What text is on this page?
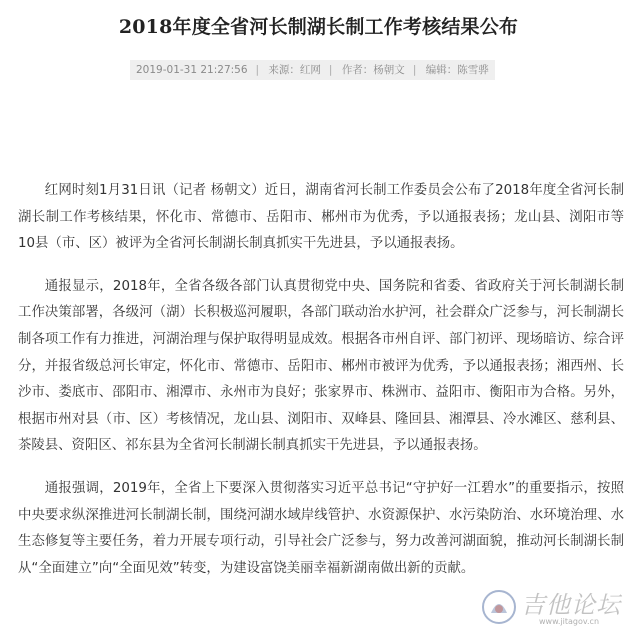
2018年度全省河长制湖长制工作考核结果公布
2019-01-31 21:27:56 | 来源：红网 | 作者：杨朝文 | 编辑：陈雪骅

红网时刻1月31日讯（记者 杨朝文）近日，湖南省河长制工作委员会公布了2018年度全省河长制湖长制工作考核结果，怀化市、常德市、岳阳市、郴州市为优秀，予以通报表扬；龙山县、浏阳市等10县（市、区）被评为全省河长制湖长制真抓实干先进县，予以通报表扬。

通报显示，2018年，全省各级各部门认真贯彻党中央、国务院和省委、省政府关于河长制湖长制工作决策部署，各级河（湖）长积极巡河履职，各部门联动治水护河，社会群众广泛参与，河长制湖长制各项工作有力推进，河湖治理与保护取得明显成效。根据各市州自评、部门初评、现场暗访、综合评分，并报省级总河长审定，怀化市、常德市、岳阳市、郴州市被评为优秀，予以通报表扬；湘西州、长沙市、娄底市、邵阳市、湘潭市、永州市为良好；张家界市、株洲市、益阳市、衡阳市为合格。另外，根据市州对县（市、区）考核情况，龙山县、浏阳市、双峰县、隆回县、湘潭县、冷水滩区、慈利县、茶陵县、资阳区、祁东县为全省河长制湖长制真抓实干先进县，予以通报表扬。

通报强调，2019年，全省上下要深入贯彻落实习近平总书记“守护好一江碧水”的重要指示，按照中央要求纵深推进河长制湖长制，围绕河湖水域岸线管护、水资源保护、水污染防治、水环境治理、水生态修复等主要任务，着力开展专项行动，引导社会广泛参与，努力改善河湖面貌，推动河长制湖长制从“全面建立”向“全面见效”转变，为建设富饶美丽幸福新湖南做出新的贡献。

吉他论坛
www.jitagov.cn
